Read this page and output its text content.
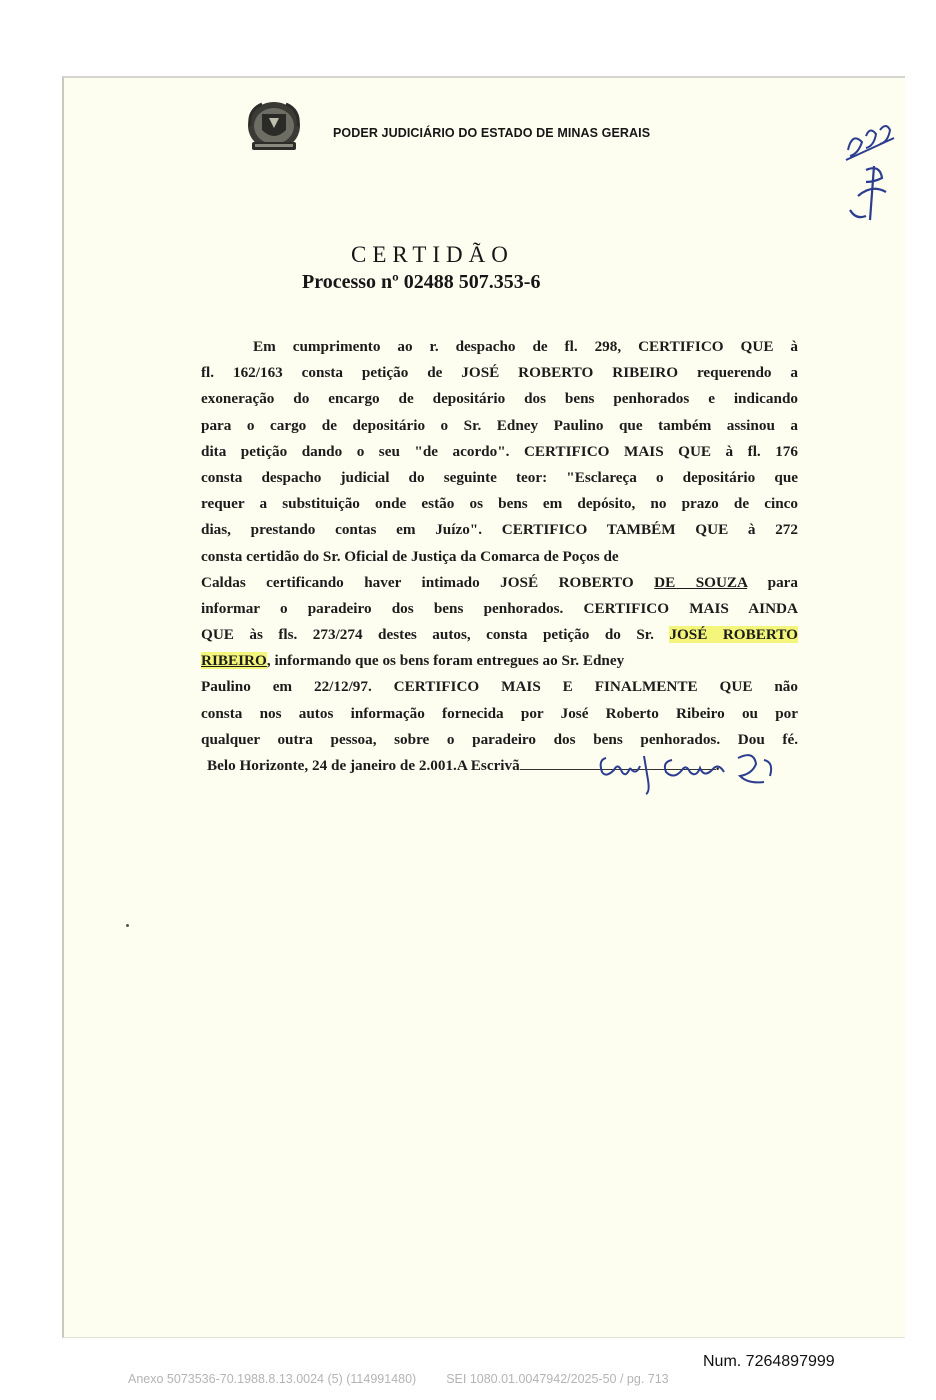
PODER JUDICIÁRIO DO ESTADO DE MINAS GERAIS
CERTIDÃO
Processo nº 02488 507.353-6
Em cumprimento ao r. despacho de fl. 298, CERTIFICO QUE à
fl. 162/163 consta petição de JOSÉ ROBERTO RIBEIRO requerendo a
exoneração do encargo de depositário dos bens penhorados e indicando
para o cargo de depositário o Sr. Edney Paulino que também assinou a
dita petição dando o seu "de acordo". CERTIFICO MAIS QUE à fl. 176
consta despacho judicial do seguinte teor: "Esclareça o depositário que
requer a substituição onde estão os bens em depósito, no prazo de cinco
dias, prestando contas em Juízo". CERTIFICO TAMBÉM QUE à 272
consta certidão do Sr. Oficial de Justiça da Comarca de Poços de
Caldas certificando haver intimado JOSÉ ROBERTO DE SOUZA para
informar o paradeiro dos bens penhorados. CERTIFICO MAIS AINDA
QUE às fls. 273/274 destes autos, consta petição do Sr. JOSÉ ROBERTO
RIBEIRO, informando que os bens foram entregues ao Sr. Edney
Paulino em 22/12/97. CERTIFICO MAIS E FINALMENTE QUE não
consta nos autos informação fornecida por José Roberto Ribeiro ou por
qualquer outra pessoa, sobre o paradeiro dos bens penhorados. Dou fé.
Belo Horizonte, 24 de janeiro de 2.001.A Escrivã	.
Num. 7264897999
Anexo 5073536-70.1988.8.13.0024 (5) (114991480) SEI 1080.01.0047942/2025-50 / pg. 713
